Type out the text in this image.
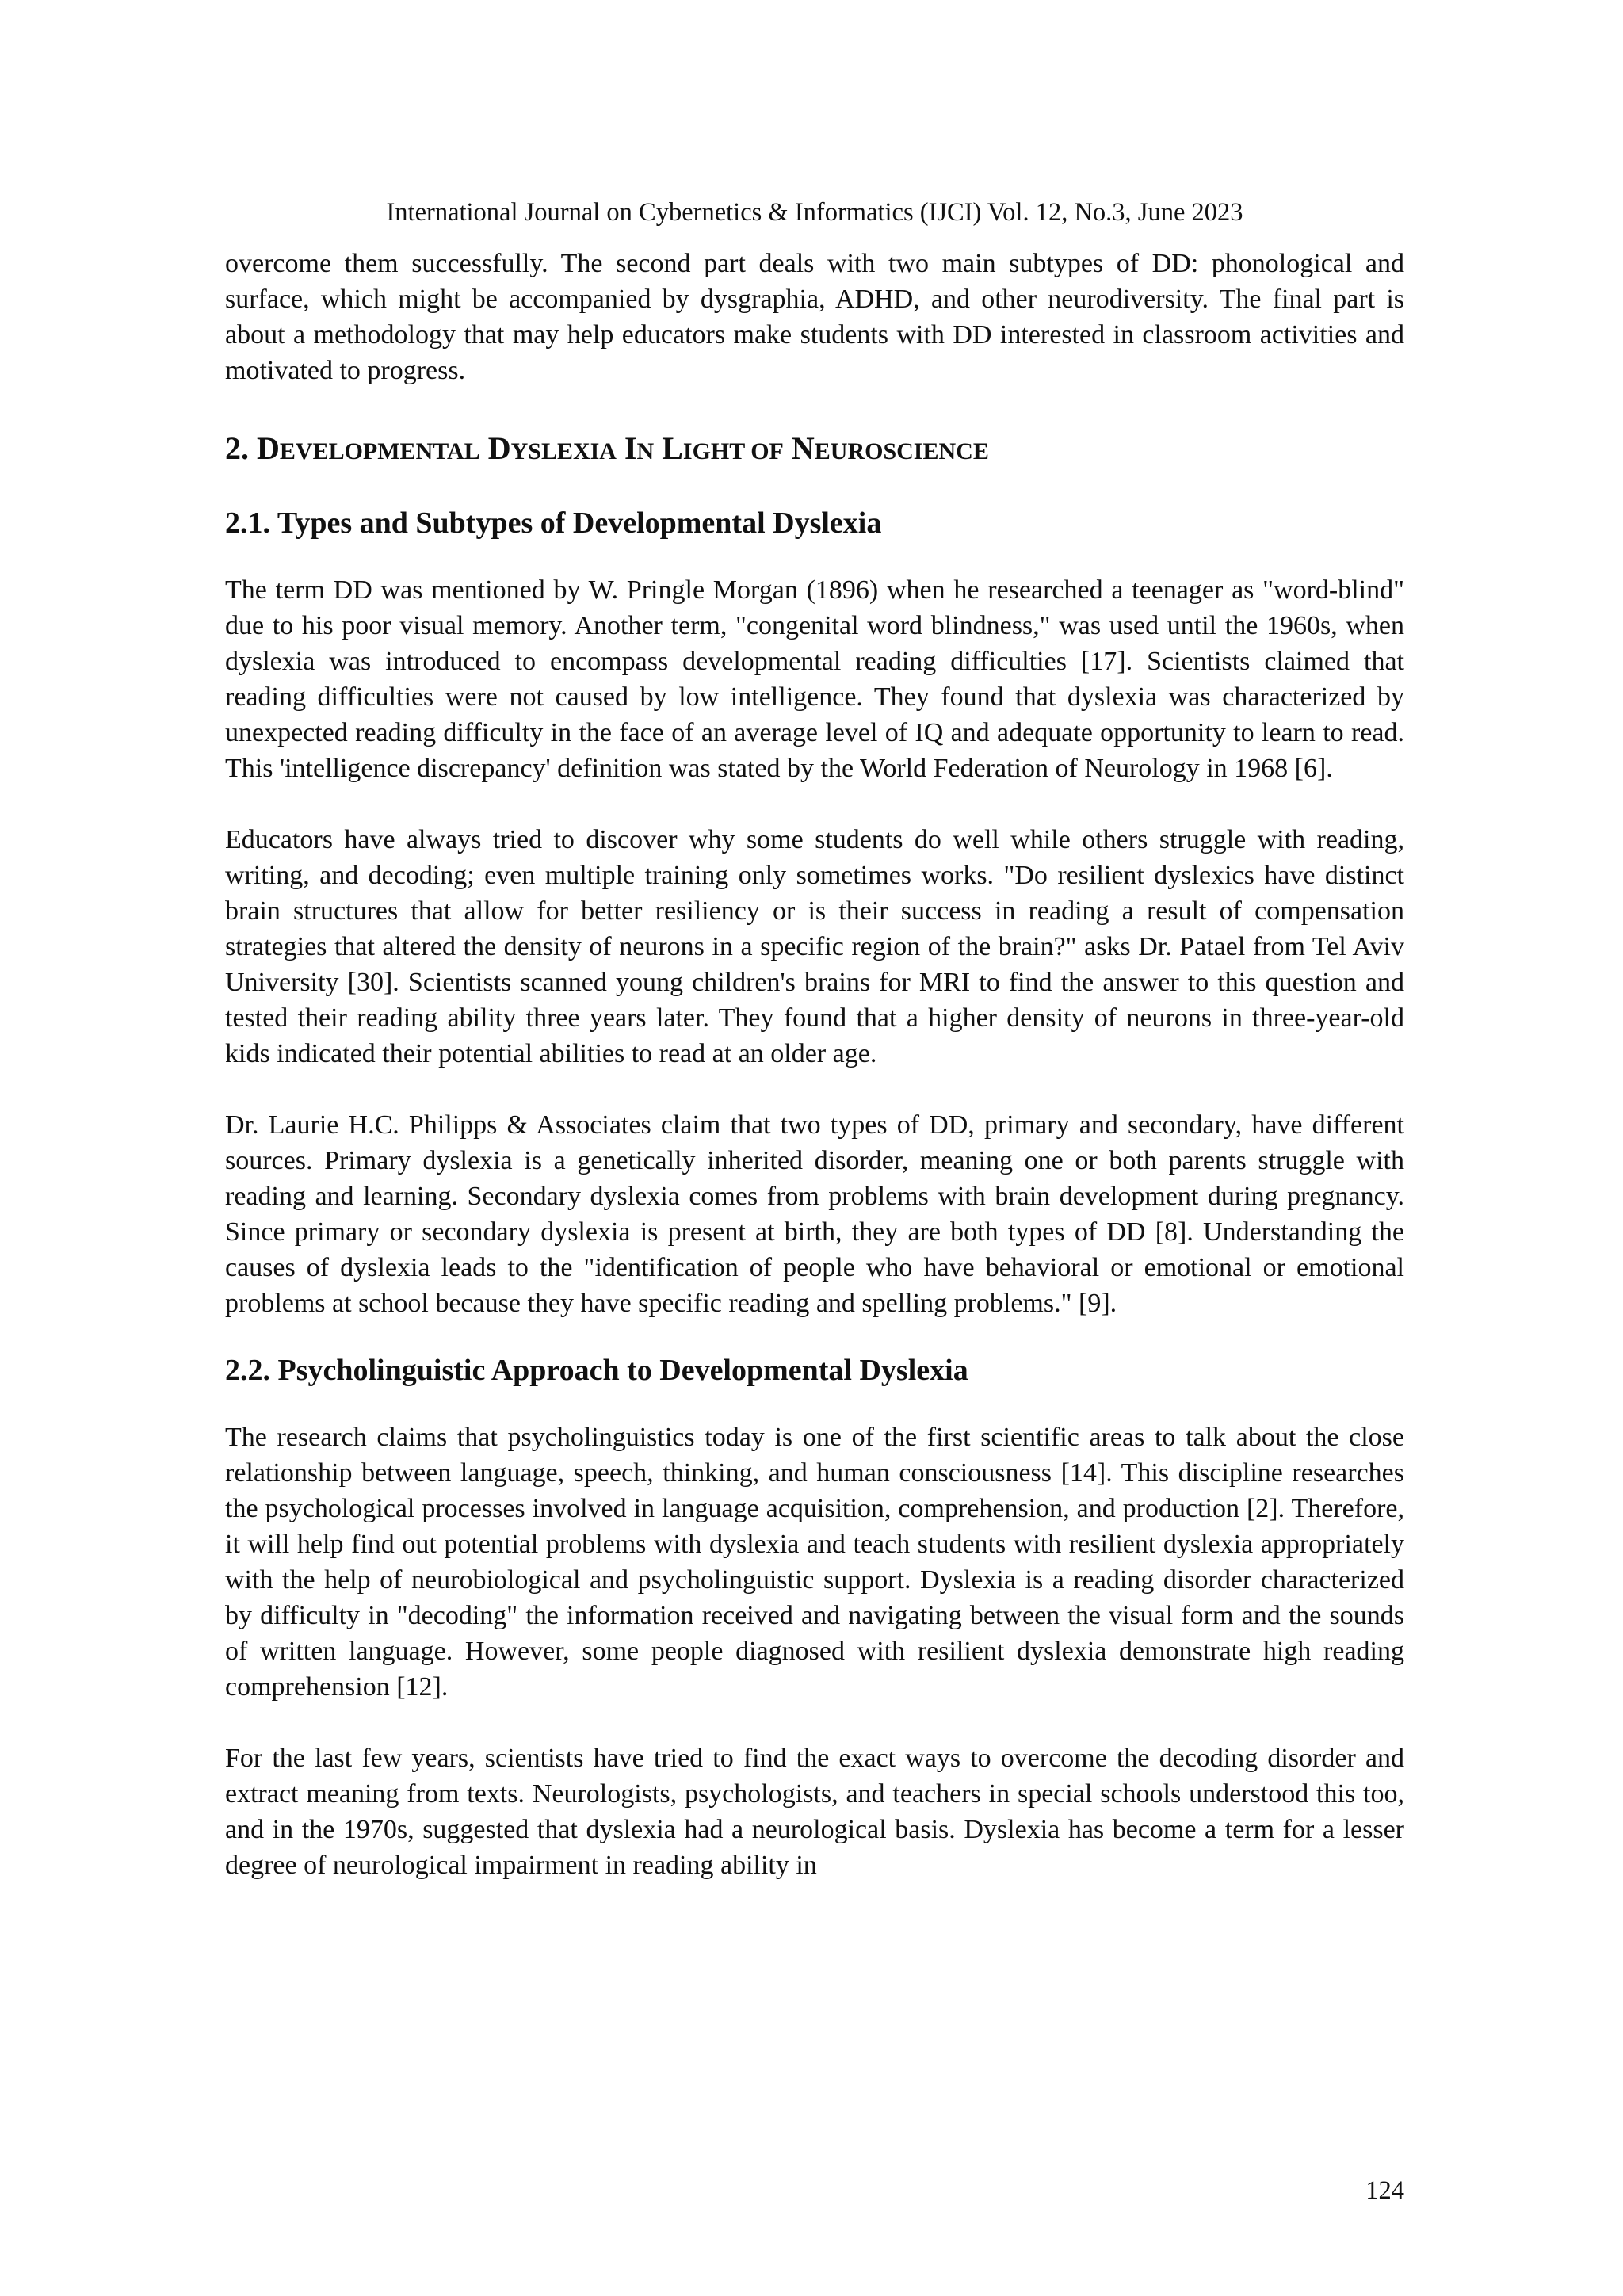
International Journal on Cybernetics & Informatics (IJCI) Vol. 12, No.3, June 2023

overcome them successfully. The second part deals with two main subtypes of DD: phonological and surface, which might be accompanied by dysgraphia, ADHD, and other neurodiversity. The final part is about a methodology that may help educators make students with DD interested in classroom activities and motivated to progress.

2. DEVELOPMENTAL DYSLEXIA IN LIGHT OF NEUROSCIENCE
2.1. Types and Subtypes of Developmental Dyslexia

The term DD was mentioned by W. Pringle Morgan (1896) when he researched a teenager as "word-blind" due to his poor visual memory. Another term, "congenital word blindness," was used until the 1960s, when dyslexia was introduced to encompass developmental reading difficulties [17]. Scientists claimed that reading difficulties were not caused by low intelligence. They found that dyslexia was characterized by unexpected reading difficulty in the face of an average level of IQ and adequate opportunity to learn to read. This 'intelligence discrepancy' definition was stated by the World Federation of Neurology in 1968 [6].

Educators have always tried to discover why some students do well while others struggle with reading, writing, and decoding; even multiple training only sometimes works. "Do resilient dyslexics have distinct brain structures that allow for better resiliency or is their success in reading a result of compensation strategies that altered the density of neurons in a specific region of the brain?" asks Dr. Patael from Tel Aviv University [30]. Scientists scanned young children's brains for MRI to find the answer to this question and tested their reading ability three years later. They found that a higher density of neurons in three-year-old kids indicated their potential abilities to read at an older age.

Dr. Laurie H.C. Philipps & Associates claim that two types of DD, primary and secondary, have different sources. Primary dyslexia is a genetically inherited disorder, meaning one or both parents struggle with reading and learning. Secondary dyslexia comes from problems with brain development during pregnancy. Since primary or secondary dyslexia is present at birth, they are both types of DD [8]. Understanding the causes of dyslexia leads to the "identification of people who have behavioral or emotional or emotional problems at school because they have specific reading and spelling problems." [9].

2.2. Psycholinguistic Approach to Developmental Dyslexia

The research claims that psycholinguistics today is one of the first scientific areas to talk about the close relationship between language, speech, thinking, and human consciousness [14]. This discipline researches the psychological processes involved in language acquisition, comprehension, and production [2]. Therefore, it will help find out potential problems with dyslexia and teach students with resilient dyslexia appropriately with the help of neurobiological and psycholinguistic support. Dyslexia is a reading disorder characterized by difficulty in "decoding" the information received and navigating between the visual form and the sounds of written language. However, some people diagnosed with resilient dyslexia demonstrate high reading comprehension [12].

For the last few years, scientists have tried to find the exact ways to overcome the decoding disorder and extract meaning from texts. Neurologists, psychologists, and teachers in special schools understood this too, and in the 1970s, suggested that dyslexia had a neurological basis. Dyslexia has become a term for a lesser degree of neurological impairment in reading ability in

124
